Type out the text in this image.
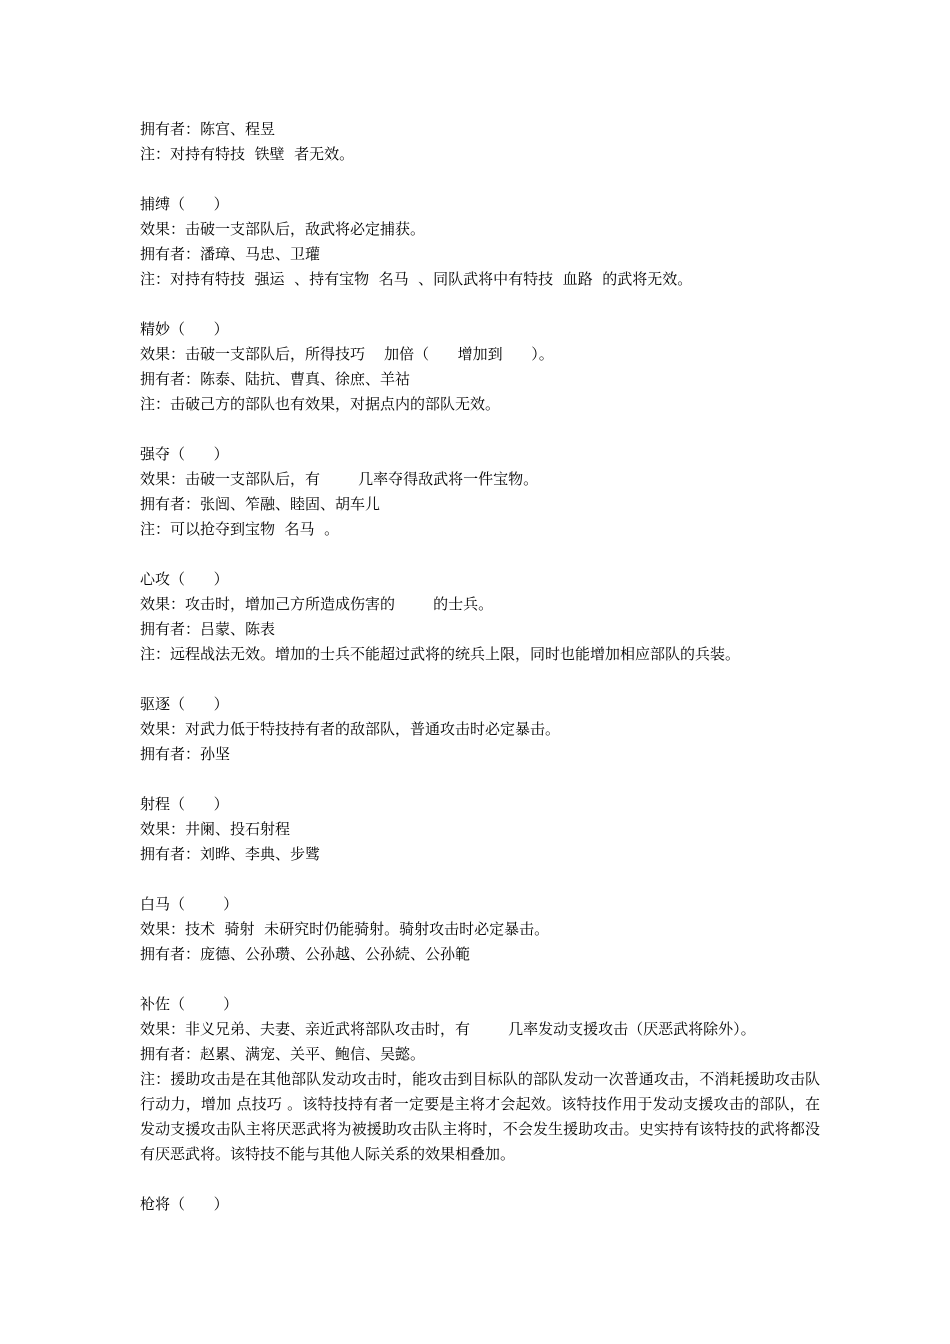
拥有者：陈宫、程昱
注：对持有特技  铁壁  者无效。
捕缚（      ）
效果：击破一支部队后，敌武将必定捕获。
拥有者：潘璋、马忠、卫瓘
注：对持有特技  强运  、持有宝物  名马  、同队武将中有特技  血路  的武将无效。
精妙（      ）
效果：击破一支部队后，所得技巧    加倍（      增加到      ）。
拥有者：陈泰、陆抗、曹真、徐庶、羊祜
注：击破己方的部队也有效果，对据点内的部队无效。
强夺（      ）
效果：击破一支部队后，有        几率夺得敌武将一件宝物。
拥有者：张闿、笮融、睦固、胡车儿
注：可以抢夺到宝物  名马  。
心攻（      ）
效果：攻击时，增加己方所造成伤害的        的士兵。
拥有者：吕蒙、陈表
注：远程战法无效。增加的士兵不能超过武将的统兵上限，同时也能增加相应部队的兵装。
驱逐（      ）
效果：对武力低于特技持有者的敌部队，普通攻击时必定暴击。
拥有者：孙坚
射程（      ）
效果：井阑、投石射程
拥有者：刘晔、李典、步骘
白马（        ）
效果：技术  骑射  未研究时仍能骑射。骑射攻击时必定暴击。
拥有者：庞德、公孙瓒、公孙越、公孙続、公孙範
补佐（        ）
效果：非义兄弟、夫妻、亲近武将部队攻击时，有        几率发动支援攻击（厌恶武将除外）。
拥有者：赵累、满宠、关平、鲍信、吴懿。
注：援助攻击是在其他部队发动攻击时，能攻击到目标队的部队发动一次普通攻击，不消耗援助攻击队行动力，增加 点技巧 。该特技持有者一定要是主将才会起效。该特技作用于发动支援攻击的部队，在发动支援攻击队主将厌恶武将为被援助攻击队主将时，不会发生援助攻击。史实持有该特技的武将都没有厌恶武将。该特技不能与其他人际关系的效果相叠加。
枪将（      ）
